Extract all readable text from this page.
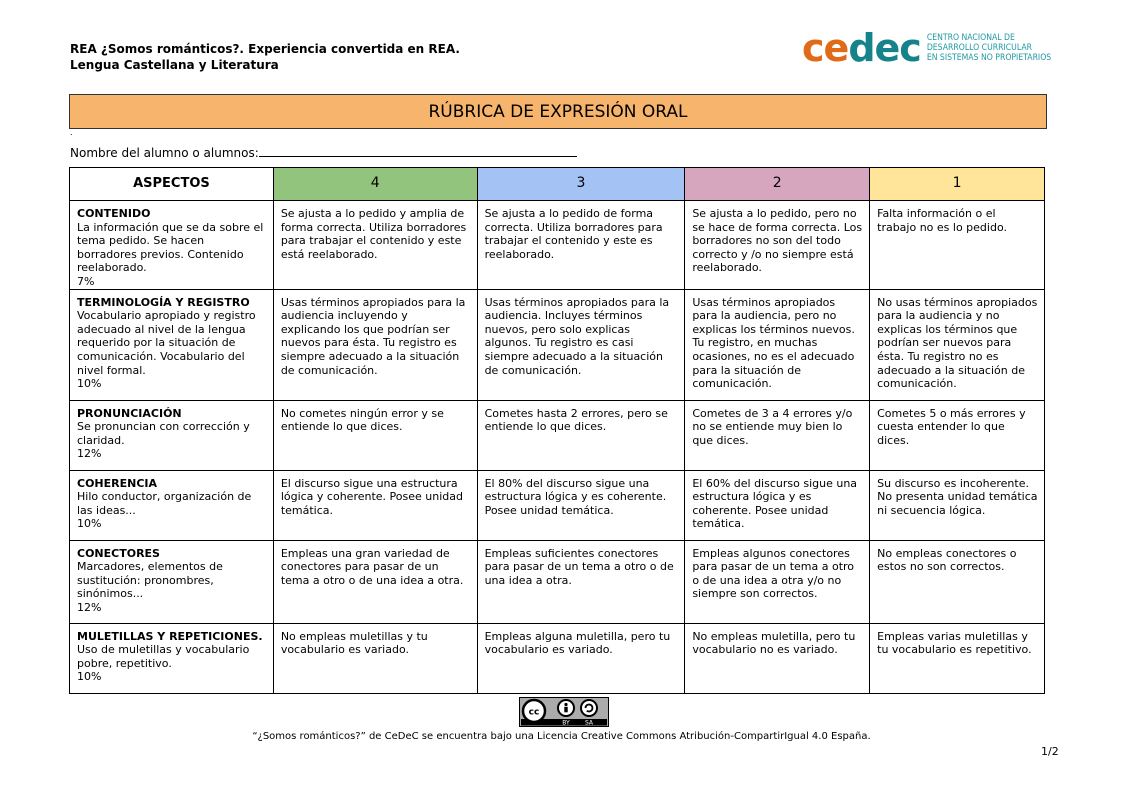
REA ¿Somos románticos?. Experiencia convertida en REA.
Lengua Castellana y Literatura	cedec CENTRO NACIONAL DE
DESARROLLO CURRICULAR
EN SISTEMAS NO PROPIETARIOS
RÚBRICA DE EXPRESIÓN ORAL
.
Nombre del alumno o alumnos:
ASPECTOS	4	3	2	1

CONTENIDO
La información que se da sobre el tema pedido. Se hacen borradores previos. Contenido reelaborado.
7%	Se ajusta a lo pedido y amplia de forma correcta. Utiliza borradores para trabajar el contenido y este está reelaborado.	Se ajusta a lo pedido de forma correcta. Utiliza borradores para trabajar el contenido y este es reelaborado.	Se ajusta a lo pedido, pero no se hace de forma correcta. Los borradores no son del todo correcto y /o no siempre está reelaborado.	Falta información o el trabajo no es lo pedido.

TERMINOLOGÍA Y REGISTRO
Vocabulario apropiado y registro adecuado al nivel de la lengua requerido por la situación de comunicación. Vocabulario del nivel formal.
10%	Usas términos apropiados para la audiencia incluyendo y explicando los que podrían ser nuevos para ésta. Tu registro es siempre adecuado a la situación de comunicación.	Usas términos apropiados para la audiencia. Incluyes términos nuevos, pero solo explicas algunos. Tu registro es casi siempre adecuado a la situación de comunicación.	Usas términos apropiados para la audiencia, pero no explicas los términos nuevos. Tu registro, en muchas ocasiones, no es el adecuado para la situación de comunicación.	No usas términos apropiados para la audiencia y no explicas los términos que podrían ser nuevos para ésta. Tu registro no es adecuado a la situación de comunicación.

PRONUNCIACIÓN
Se pronuncian con corrección y claridad.
12%	No cometes ningún error y se entiende lo que dices.	Cometes hasta 2 errores, pero se entiende lo que dices.	Cometes de 3 a 4 errores y/o no se entiende muy bien lo que dices.	Cometes 5 o más errores y cuesta entender lo que dices.

COHERENCIA
Hilo conductor, organización de las ideas...
10%	El discurso sigue una estructura lógica y coherente. Posee unidad temática.	El 80% del discurso sigue una estructura lógica y es coherente. Posee unidad temática.	El 60% del discurso sigue una estructura lógica y es coherente. Posee unidad temática.	Su discurso es incoherente. No presenta unidad temática ni secuencia lógica.

CONECTORES
Marcadores, elementos de sustitución: pronombres, sinónimos...
12%	Empleas una gran variedad de conectores para pasar de un tema a otro o de una idea a otra.	Empleas suficientes conectores para pasar de un tema a otro o de una idea a otra.	Empleas algunos conectores para pasar de un tema a otro o de una idea a otra y/o no siempre son correctos.	No empleas conectores o estos no son correctos.

MULETILLAS Y REPETICIONES.
Uso de muletillas y vocabulario pobre, repetitivo.
10%	No empleas muletillas y tu vocabulario es variado.	Empleas alguna muletilla, pero tu vocabulario es variado.	No empleas muletilla, pero tu vocabulario no es variado.	Empleas varias muletillas y tu vocabulario es repetitivo.
cc
BY	SA
“¿Somos románticos?” de CeDeC se encuentra bajo una Licencia Creative Commons Atribución-CompartirIgual 4.0 España.
1/2
